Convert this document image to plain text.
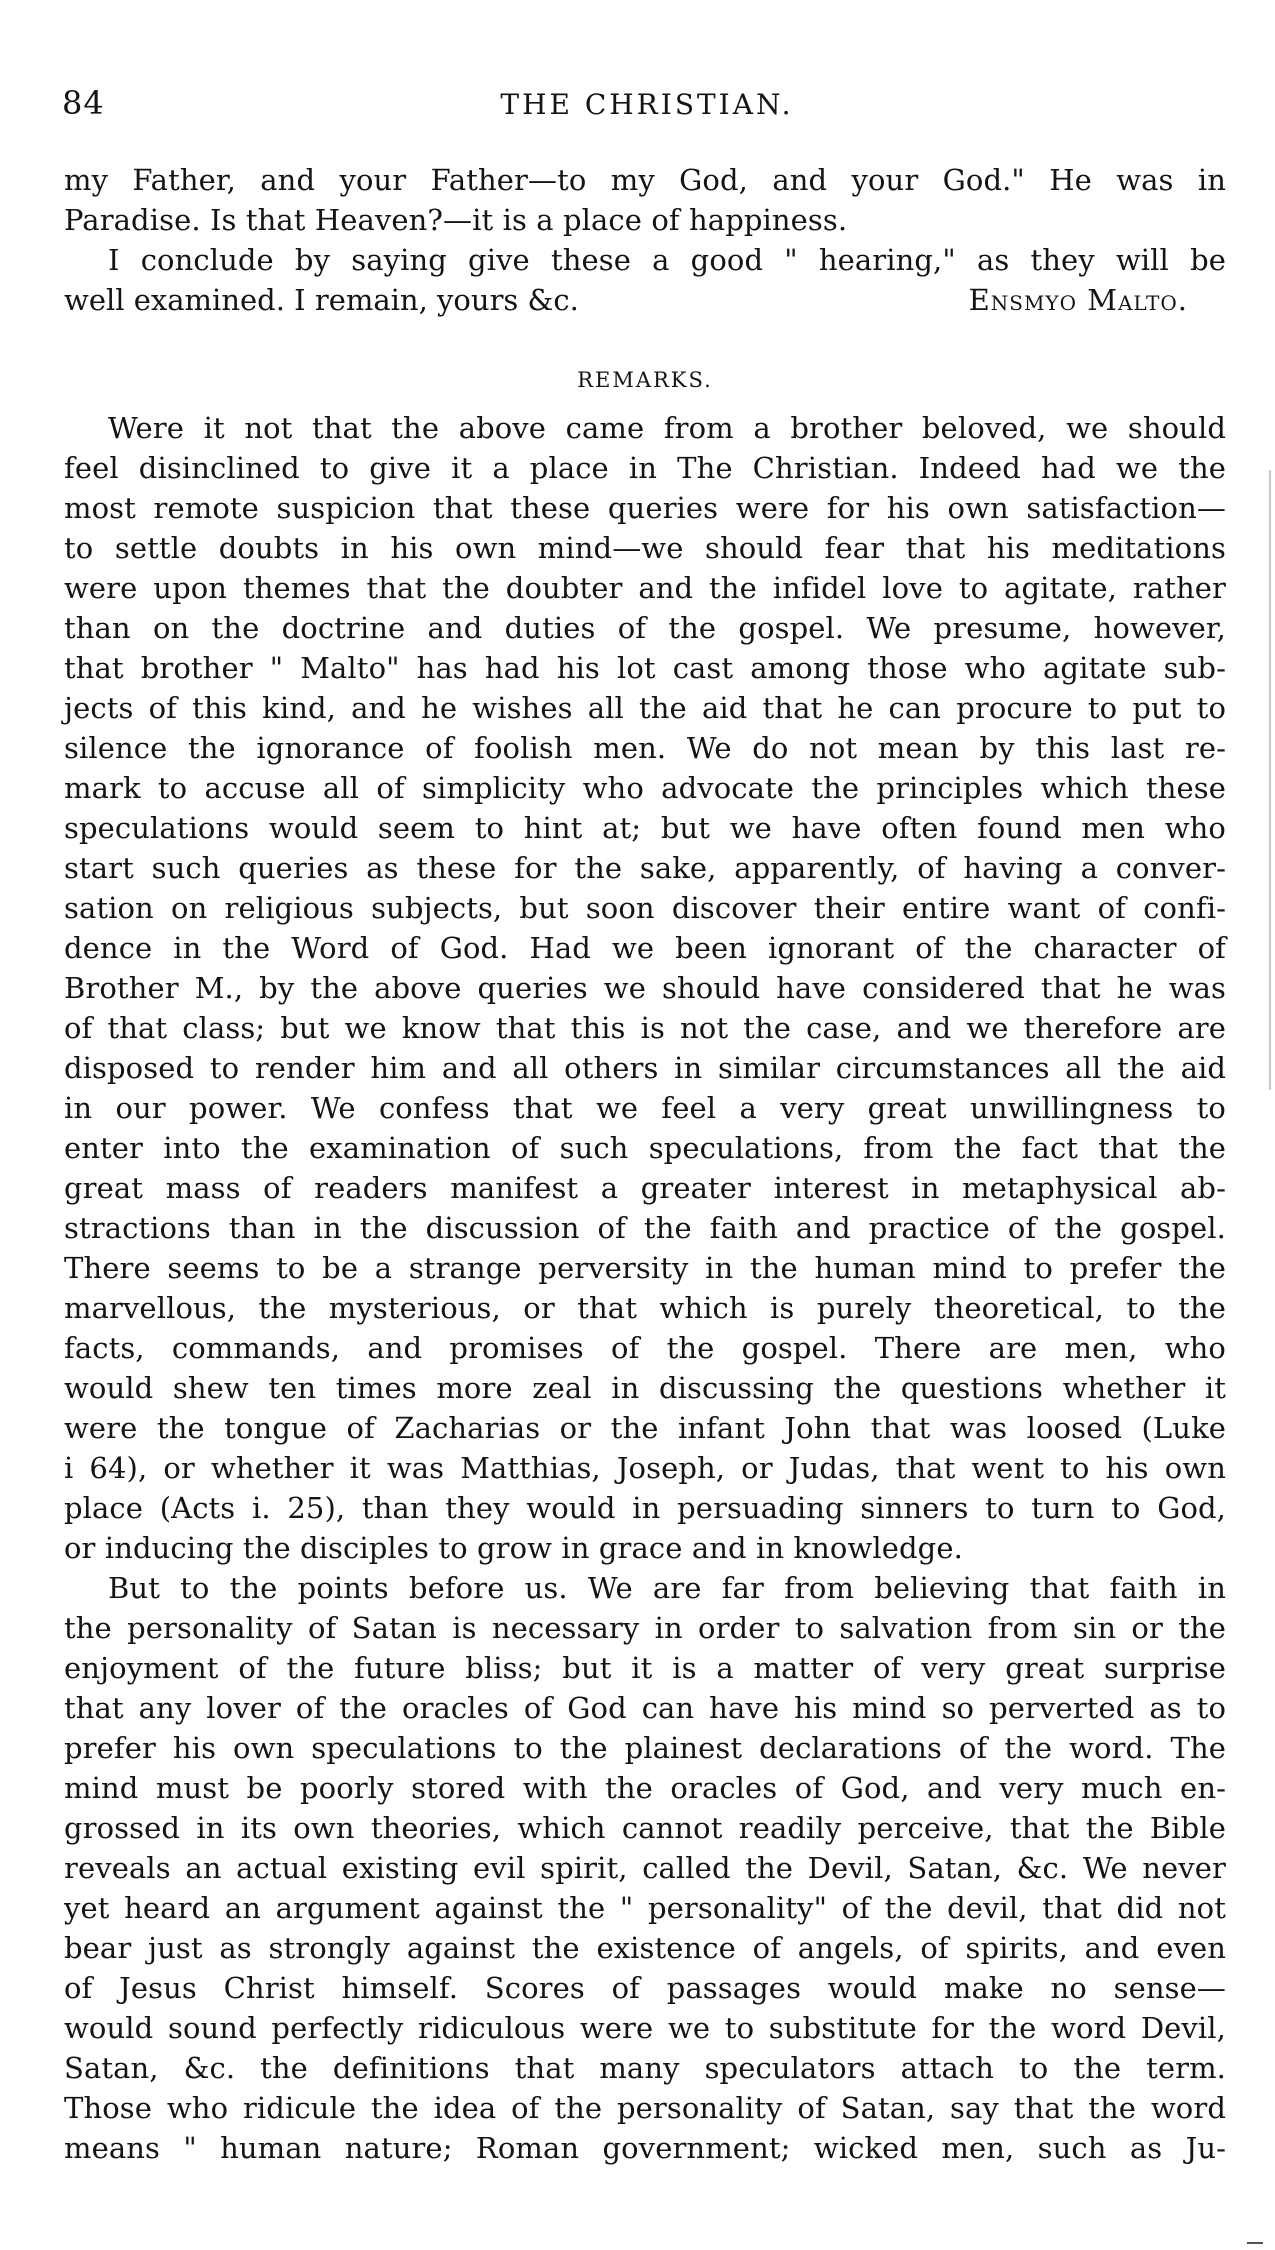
84	THE CHRISTIAN.
my Father, and your Father—to my God, and your God." He was in
Paradise. Is that Heaven?—it is a place of happiness.
I conclude by saying give these a good " hearing," as they will be
well examined. I remain, yours &c.	Ensmyo Malto.
REMARKS.
Were it not that the above came from a brother beloved, we should
feel disinclined to give it a place in The Christian. Indeed had we the
most remote suspicion that these queries were for his own satisfaction—
to settle doubts in his own mind—we should fear that his meditations
were upon themes that the doubter and the infidel love to agitate, rather
than on the doctrine and duties of the gospel. We presume, however,
that brother " Malto" has had his lot cast among those who agitate sub-
jects of this kind, and he wishes all the aid that he can procure to put to
silence the ignorance of foolish men. We do not mean by this last re-
mark to accuse all of simplicity who advocate the principles which these
speculations would seem to hint at; but we have often found men who
start such queries as these for the sake, apparently, of having a conver-
sation on religious subjects, but soon discover their entire want of confi-
dence in the Word of God. Had we been ignorant of the character of
Brother M., by the above queries we should have considered that he was
of that class; but we know that this is not the case, and we therefore are
disposed to render him and all others in similar circumstances all the aid
in our power. We confess that we feel a very great unwillingness to
enter into the examination of such speculations, from the fact that the
great mass of readers manifest a greater interest in metaphysical ab-
stractions than in the discussion of the faith and practice of the gospel.
There seems to be a strange perversity in the human mind to prefer the
marvellous, the mysterious, or that which is purely theoretical, to the
facts, commands, and promises of the gospel. There are men, who
would shew ten times more zeal in discussing the questions whether it
were the tongue of Zacharias or the infant John that was loosed (Luke
i 64), or whether it was Matthias, Joseph, or Judas, that went to his own
place (Acts i. 25), than they would in persuading sinners to turn to God,
or inducing the disciples to grow in grace and in knowledge.
But to the points before us. We are far from believing that faith in
the personality of Satan is necessary in order to salvation from sin or the
enjoyment of the future bliss; but it is a matter of very great surprise
that any lover of the oracles of God can have his mind so perverted as to
prefer his own speculations to the plainest declarations of the word. The
mind must be poorly stored with the oracles of God, and very much en-
grossed in its own theories, which cannot readily perceive, that the Bible
reveals an actual existing evil spirit, called the Devil, Satan, &c. We never
yet heard an argument against the " personality" of the devil, that did not
bear just as strongly against the existence of angels, of spirits, and even
of Jesus Christ himself. Scores of passages would make no sense—
would sound perfectly ridiculous were we to substitute for the word Devil,
Satan, &c. the definitions that many speculators attach to the term.
Those who ridicule the idea of the personality of Satan, say that the word
means " human nature; Roman government; wicked men, such as Ju-
